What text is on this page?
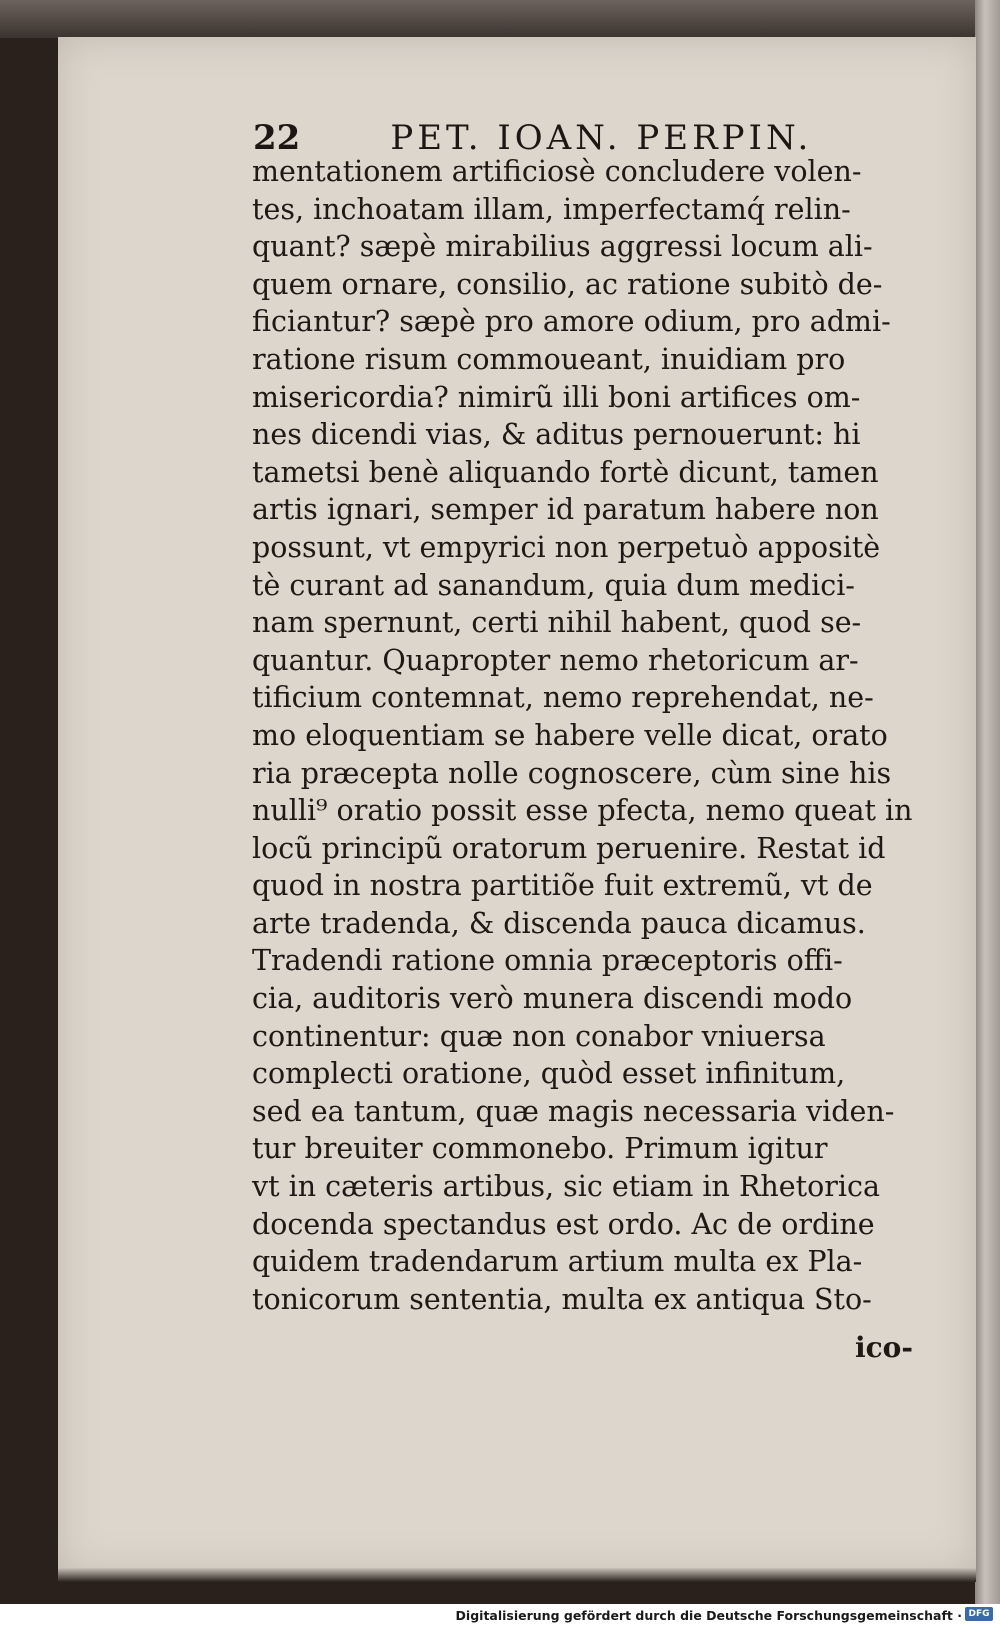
22	PET. IOAN. PERPIN.
mentationem artificiosè concludere volen-
tes, inchoatam illam, imperfectamq́ relin-
quant? sæpè mirabilius aggressi locum ali-
quem ornare, consilio, ac ratione subitò de-
ficiantur? sæpè pro amore odium, pro admi-
ratione risum commoueant, inuidiam pro
misericordia? nimirũ illi boni artifices om-
nes dicendi vias, & aditus pernouerunt: hi
tametsi benè aliquando fortè dicunt, tamen
artis ignari, semper id paratum habere non
possunt, vt empyrici non perpetuò appositè
tè curant ad sanandum, quia dum medici-
nam spernunt, certi nihil habent, quod se-
quantur. Quapropter nemo rhetoricum ar-
tificium contemnat, nemo reprehendat, ne-
mo eloquentiam se habere velle dicat, orato
ria præcepta nolle cognoscere, cùm sine his
nulli⁹ oratio possit esse pfecta, nemo queat in
locũ principũ oratorum peruenire. Restat id
quod in nostra partitiõe fuit extremũ, vt de
arte tradenda, & discenda pauca dicamus.
Tradendi ratione omnia præceptoris offi-
cia, auditoris verò munera discendi modo
continentur: quæ non conabor vniuersa
complecti oratione, quòd esset infinitum,
sed ea tantum, quæ magis necessaria viden-
tur breuiter commonebo. Primum igitur
vt in cæteris artibus, sic etiam in Rhetorica
docenda spectandus est ordo. Ac de ordine
quidem tradendarum artium multa ex Pla-
tonicorum sententia, multa ex antiqua Sto-
ico-
Digitalisierung gefördert durch die Deutsche Forschungsgemeinschaft · DFG
